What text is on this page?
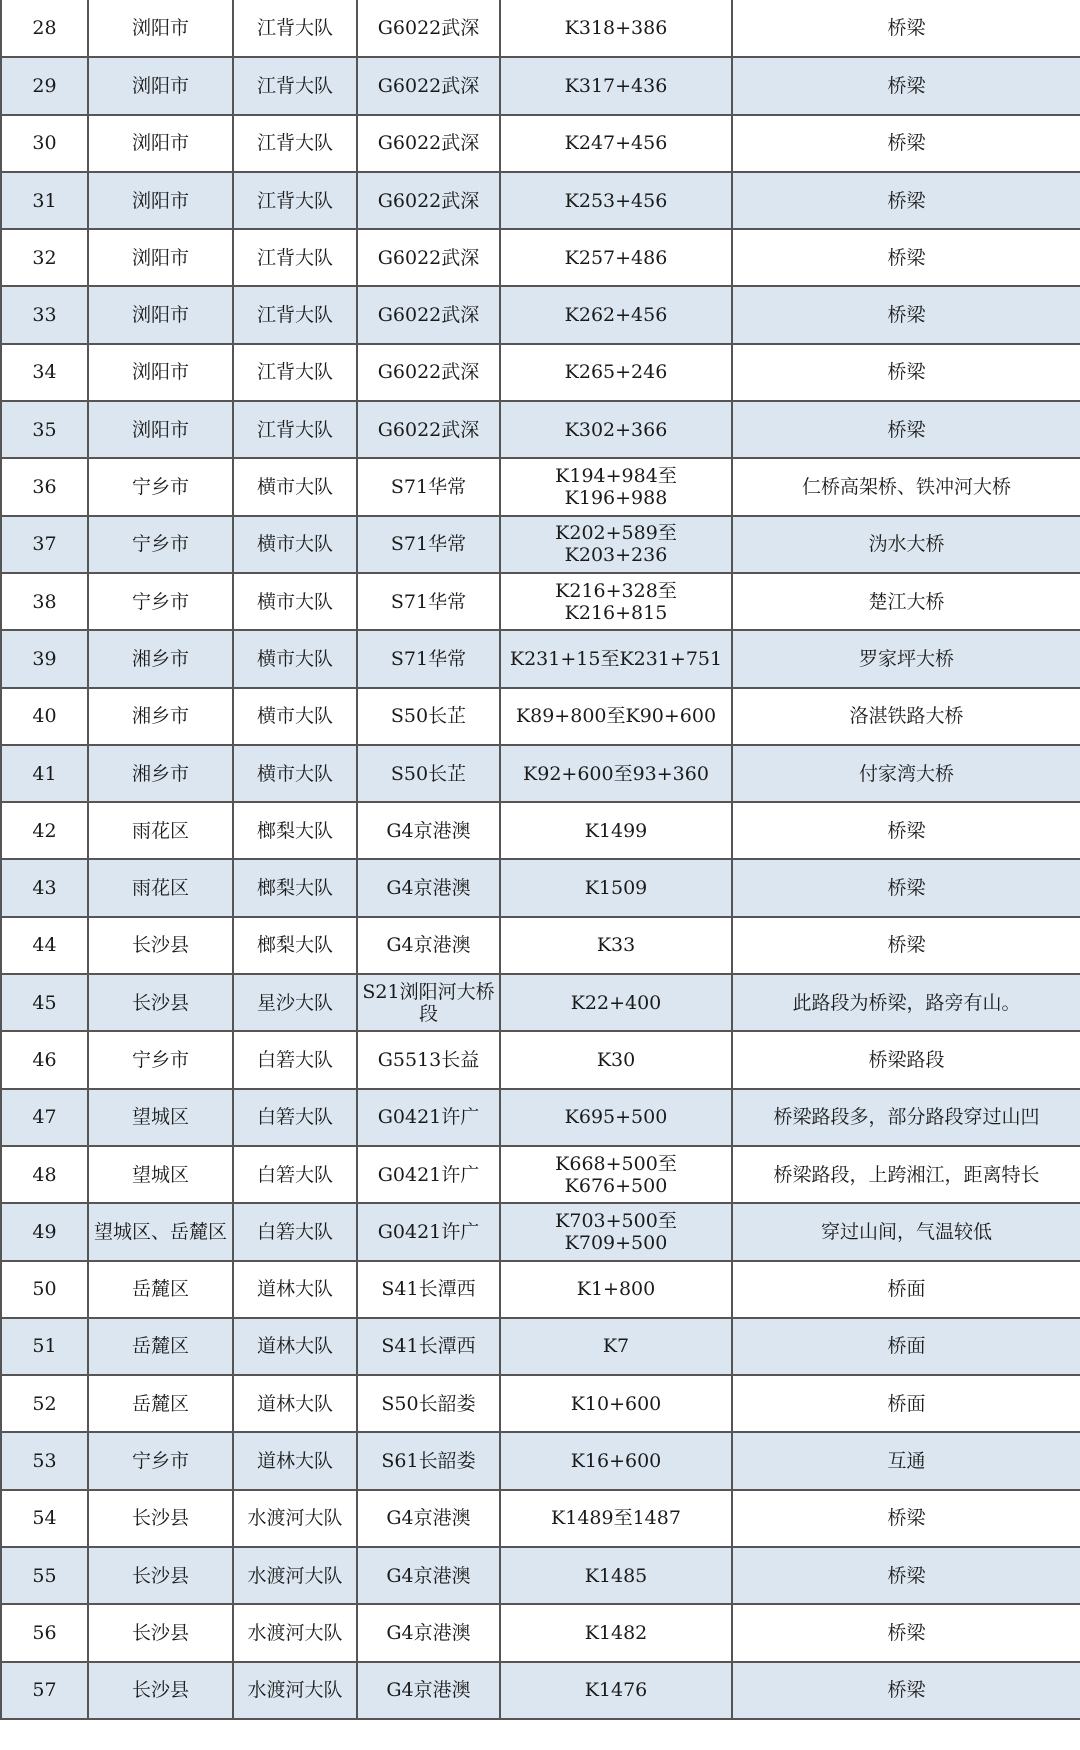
28	浏阳市	江背大队	G6022武深	K318+386	桥梁
29	浏阳市	江背大队	G6022武深	K317+436	桥梁
30	浏阳市	江背大队	G6022武深	K247+456	桥梁
31	浏阳市	江背大队	G6022武深	K253+456	桥梁
32	浏阳市	江背大队	G6022武深	K257+486	桥梁
33	浏阳市	江背大队	G6022武深	K262+456	桥梁
34	浏阳市	江背大队	G6022武深	K265+246	桥梁
35	浏阳市	江背大队	G6022武深	K302+366	桥梁
36	宁乡市	横市大队	S71华常	K194+984至K196+988	仁桥高架桥、铁冲河大桥
37	宁乡市	横市大队	S71华常	K202+589至K203+236	沩水大桥
38	宁乡市	横市大队	S71华常	K216+328至K216+815	楚江大桥
39	湘乡市	横市大队	S71华常	K231+15至K231+751	罗家坪大桥
40	湘乡市	横市大队	S50长芷	K89+800至K90+600	洛湛铁路大桥
41	湘乡市	横市大队	S50长芷	K92+600至93+360	付家湾大桥
42	雨花区	榔梨大队	G4京港澳	K1499	桥梁
43	雨花区	榔梨大队	G4京港澳	K1509	桥梁
44	长沙县	榔梨大队	G4京港澳	K33	桥梁
45	长沙县	星沙大队	S21浏阳河大桥段	K22+400	此路段为桥梁，路旁有山。
46	宁乡市	白箬大队	G5513长益	K30	桥梁路段
47	望城区	白箬大队	G0421许广	K695+500	桥梁路段多，部分路段穿过山凹
48	望城区	白箬大队	G0421许广	K668+500至K676+500	桥梁路段，上跨湘江，距离特长
49	望城区、岳麓区	白箬大队	G0421许广	K703+500至K709+500	穿过山间，气温较低
50	岳麓区	道林大队	S41长潭西	K1+800	桥面
51	岳麓区	道林大队	S41长潭西	K7	桥面
52	岳麓区	道林大队	S50长韶娄	K10+600	桥面
53	宁乡市	道林大队	S61长韶娄	K16+600	互通
54	长沙县	水渡河大队	G4京港澳	K1489至1487	桥梁
55	长沙县	水渡河大队	G4京港澳	K1485	桥梁
56	长沙县	水渡河大队	G4京港澳	K1482	桥梁
57	长沙县	水渡河大队	G4京港澳	K1476	桥梁
